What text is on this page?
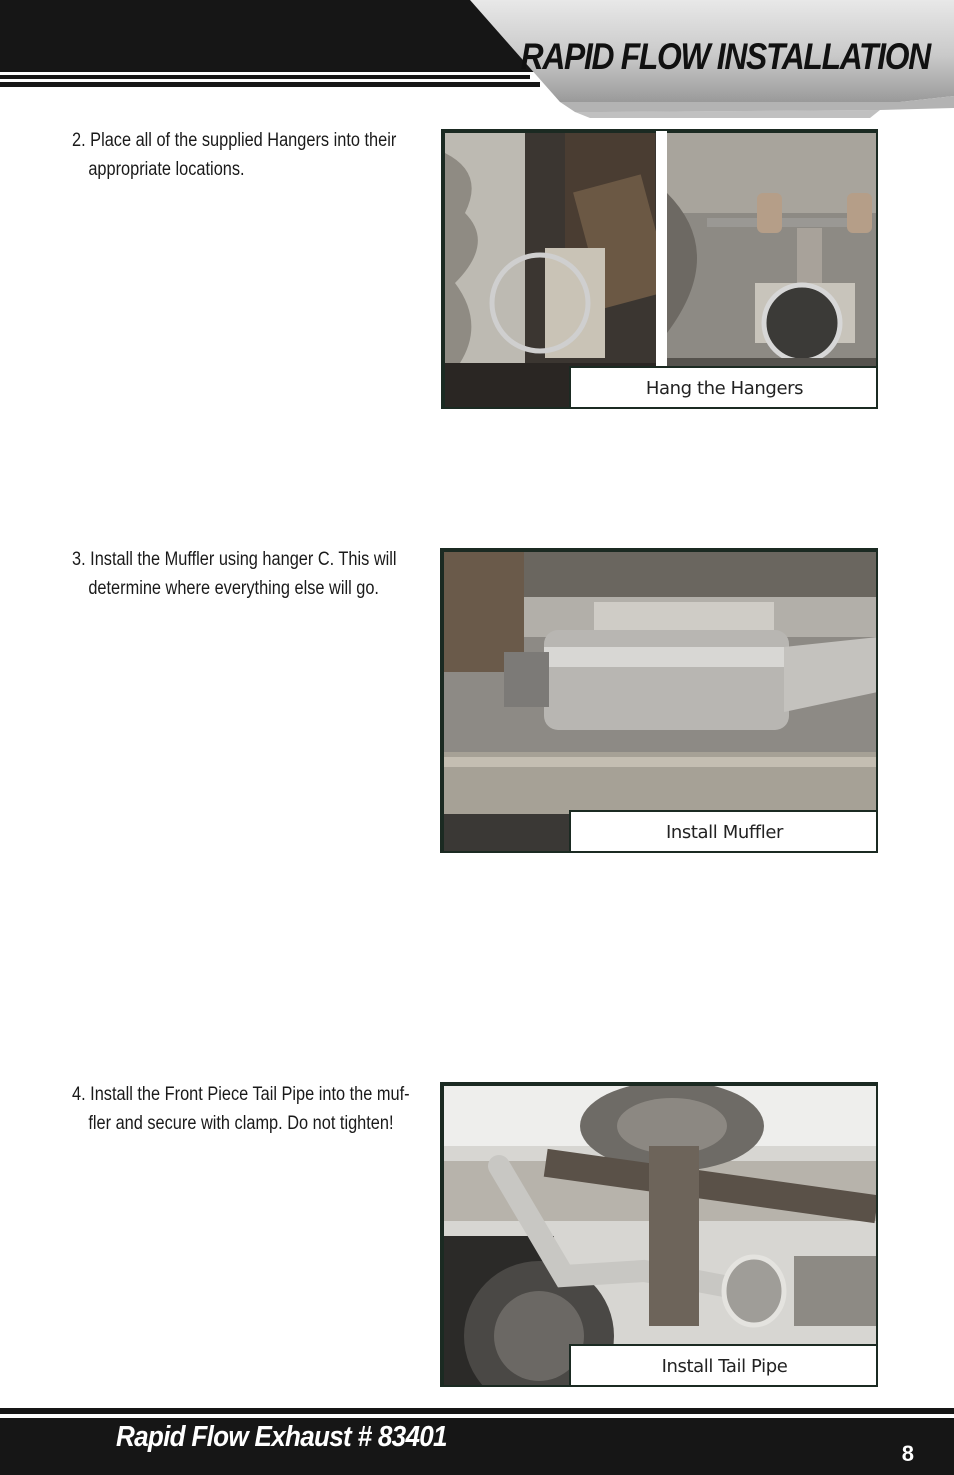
RAPID FLOW INSTALLATION
2. Place all of the supplied Hangers into their
appropriate locations.
Hang the Hangers
3. Install the Muffler using hanger C. This will
determine where everything else will go.
Install Muffler
4. Install the Front Piece Tail Pipe into the muf-
fler and secure with clamp. Do not tighten!
Install Tail Pipe
Rapid Flow Exhaust # 83401
8
